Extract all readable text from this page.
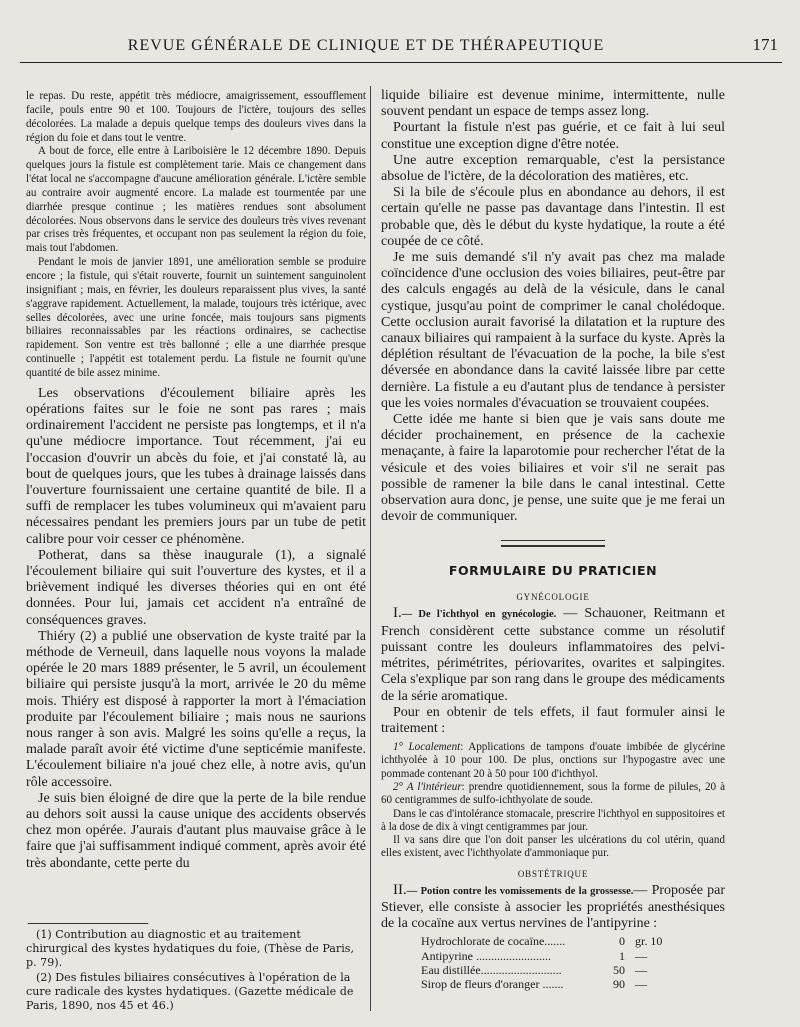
REVUE GÉNÉRALE DE CLINIQUE ET DE THÉRAPEUTIQUE	171

le repas. Du reste, appétit très médiocre, amaigrissement, essoufflement facile, pouls entre 90 et 100. Toujours de l'ictère, toujours des selles décolorées. La malade a depuis quelque temps des douleurs vives dans la région du foie et dans tout le ventre.

A bout de force, elle entre à Lariboisière le 12 décembre 1890. Depuis quelques jours la fistule est complètement tarie. Mais ce changement dans l'état local ne s'accompagne d'aucune amélioration générale. L'ictère semble au contraire avoir augmenté encore. La malade est tourmentée par une diarrhée presque continue ; les matières rendues sont absolument décolorées. Nous observons dans le service des douleurs très vives revenant par crises très fréquentes, et occupant non pas seulement la région du foie, mais tout l'abdomen.

Pendant le mois de janvier 1891, une amélioration semble se produire encore ; la fistule, qui s'était rouverte, fournit un suintement sanguinolent insignifiant ; mais, en février, les douleurs reparaissent plus vives, la santé s'aggrave rapidement. Actuellement, la malade, toujours très ictérique, avec selles décolorées, avec une urine foncée, mais toujours sans pigments biliaires reconnaissables par les réactions ordinaires, se cachectise rapidement. Son ventre est très ballonné ; elle a une diarrhée presque continuelle ; l'appétit est totalement perdu. La fistule ne fournit qu'une quantité de bile assez minime.

Les observations d'écoulement biliaire après les opérations faites sur le foie ne sont pas rares ; mais ordinairement l'accident ne persiste pas longtemps, et il n'a qu'une médiocre importance. Tout récemment, j'ai eu l'occasion d'ouvrir un abcès du foie, et j'ai constaté là, au bout de quelques jours, que les tubes à drainage laissés dans l'ouverture fournissaient une certaine quantité de bile. Il a suffi de remplacer les tubes volumineux qui m'avaient paru nécessaires pendant les premiers jours par un tube de petit calibre pour voir cesser ce phénomène.

Potherat, dans sa thèse inaugurale (1), a signalé l'écoulement biliaire qui suit l'ouverture des kystes, et il a brièvement indiqué les diverses théories qui en ont été données. Pour lui, jamais cet accident n'a entraîné de conséquences graves.

Thiéry (2) a publié une observation de kyste traité par la méthode de Verneuil, dans laquelle nous voyons la malade opérée le 20 mars 1889 présenter, le 5 avril, un écoulement biliaire qui persiste jusqu'à la mort, arrivée le 20 du même mois. Thiéry est disposé à rapporter la mort à l'émaciation produite par l'écoulement biliaire ; mais nous ne saurions nous ranger à son avis. Malgré les soins qu'elle a reçus, la malade paraît avoir été victime d'une septicémie manifeste. L'écoulement biliaire n'a joué chez elle, à notre avis, qu'un rôle accessoire.

Je suis bien éloigné de dire que la perte de la bile rendue au dehors soit aussi la cause unique des accidents observés chez mon opérée. J'aurais d'autant plus mauvaise grâce à le faire que j'ai suffisamment indiqué comment, après avoir été très abondante, cette perte du

(1) Contribution au diagnostic et au traitement chirurgical des kystes hydatiques du foie, (Thèse de Paris, p. 79).

(2) Des fistules biliaires consécutives à l'opération de la cure radicale des kystes hydatiques. (Gazette médicale de Paris, 1890, nos 45 et 46.)

liquide biliaire est devenue minime, intermittente, nulle souvent pendant un espace de temps assez long.

Pourtant la fistule n'est pas guérie, et ce fait à lui seul constitue une exception digne d'être notée.

Une autre exception remarquable, c'est la persistance absolue de l'ictère, de la décoloration des matières, etc.

Si la bile de s'écoule plus en abondance au dehors, il est certain qu'elle ne passe pas davantage dans l'intestin. Il est probable que, dès le début du kyste hydatique, la route a été coupée de ce côté.

Je me suis demandé s'il n'y avait pas chez ma malade coïncidence d'une occlusion des voies biliaires, peut-être par des calculs engagés au delà de la vésicule, dans le canal cystique, jusqu'au point de comprimer le canal cholédoque. Cette occlusion aurait favorisé la dilatation et la rupture des canaux biliaires qui rampaient à la surface du kyste. Après la déplétion résultant de l'évacuation de la poche, la bile s'est déversée en abondance dans la cavité laissée libre par cette dernière. La fistule a eu d'autant plus de tendance à persister que les voies normales d'évacuation se trouvaient coupées.

Cette idée me hante si bien que je vais sans doute me décider prochainement, en présence de la cachexie menaçante, à faire la laparotomie pour rechercher l'état de la vésicule et des voies biliaires et voir s'il ne serait pas possible de ramener la bile dans le canal intestinal. Cette observation aura donc, je pense, une suite que je me ferai un devoir de communiquer.

FORMULAIRE DU PRATICIEN

GYNÉCOLOGIE

I.— De l'ichthyol en gynécologie. — Schauoner, Reitmann et French considèrent cette substance comme un résolutif puissant contre les douleurs inflammatoires des pelvi-métrites, périmétrites, périovarites, ovarites et salpingites. Cela s'explique par son rang dans le groupe des médicaments de la série aromatique.

Pour en obtenir de tels effets, il faut formuler ainsi le traitement :

1° Localement: Applications de tampons d'ouate imbibée de glycérine ichthyolée à 10 pour 100. De plus, onctions sur l'hypogastre avec une pommade contenant 20 à 50 pour 100 d'ichthyol.

2° A l'intérieur: prendre quotidiennement, sous la forme de pilules, 20 à 60 centigrammes de sulfo-ichthyolate de soude.

Dans le cas d'intolérance stomacale, prescrire l'ichthyol en suppositoires et à la dose de dix à vingt centigrammes par jour.

Il va sans dire que l'on doit panser les ulcérations du col utérin, quand elles existent, avec l'ichthyolate d'ammoniaque pur.

OBSTÉTRIQUE

II.— Potion contre les vomissements de la grossesse.— Proposée par Stiever, elle consiste à associer les propriétés anesthésiques de la cocaïne aux vertus nervines de l'antipyrine :

Hydrochlorate de cocaïne.......	0 gr. 10
Antipyrine .........................	1 —
Eau distillée...........................	50 —
Sirop de fleurs d'oranger .......	90 —
